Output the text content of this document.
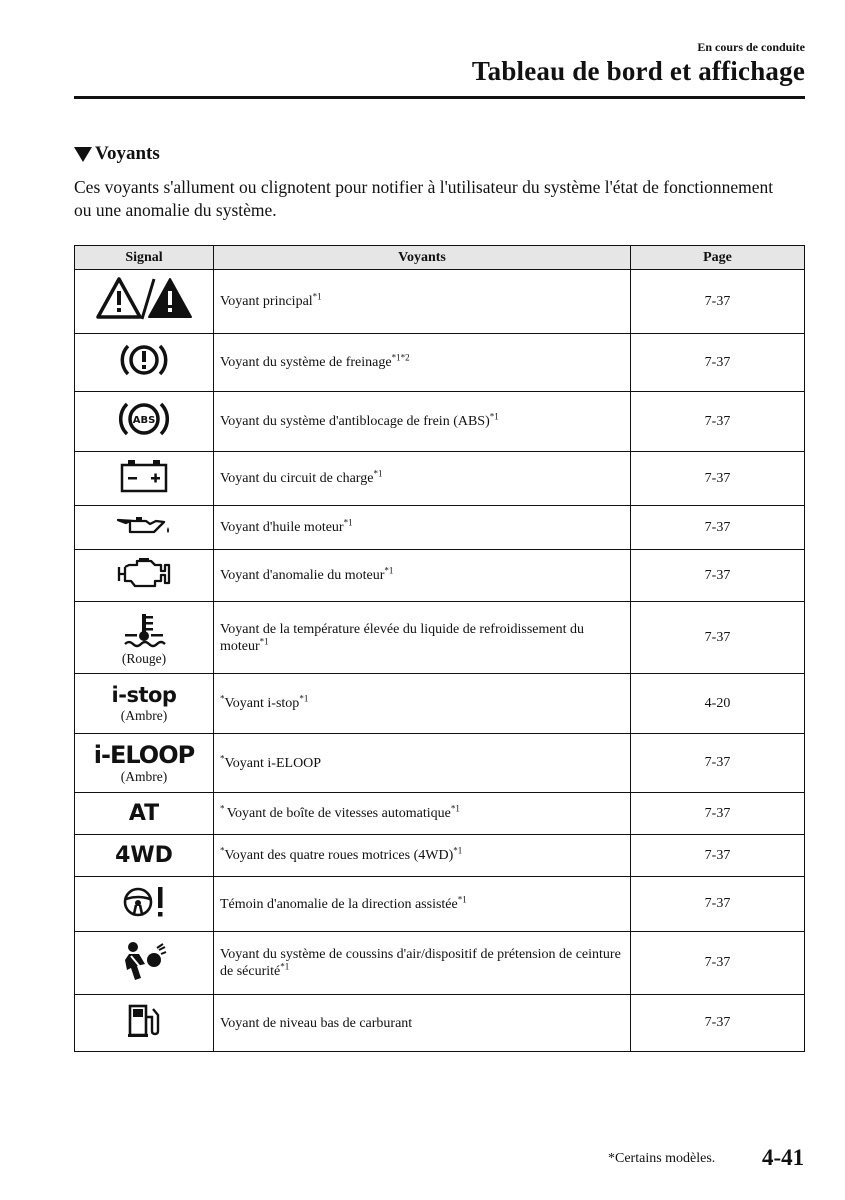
En cours de conduite
Tableau de bord et affichage
Voyants
Ces voyants s'allument ou clignotent pour notifier à l'utilisateur du système l'état de fonctionnement ou une anomalie du système.
Signal	Voyants	Page
	Voyant principal$^{*1}$	7-37
	Voyant du système de freinage$^{*1*2}$	7-37

ABS	Voyant du système d'antiblocage de frein (ABS)$^{*1}$	7-37
	Voyant du circuit de charge$^{*1}$	7-37
	Voyant d'huile moteur$^{*1}$	7-37
	Voyant d'anomalie du moteur$^{*1}$	7-37

(Rouge)	Voyant de la température élevée du liquide de refroidissement du moteur$^{*1}$	7-37

i-stop
(Ambre)	*Voyant i-stop$^{*1}$	4-20

i-ELOOP
(Ambre)	*Voyant i-ELOOP	7-37
AT	* Voyant de boîte de vitesses automatique$^{*1}$	7-37
4WD	*Voyant des quatre roues motrices $(4WD)^{*1}$	7-37
	Témoin d'anomalie de la direction assistée$^{*1}$	7-37
	Voyant du système de coussins d'air/dispositif de prétension de ceinture de sécurité$^{*1}$	7-37
	Voyant de niveau bas de carburant	7-37
*Certains modèles. 4-41
